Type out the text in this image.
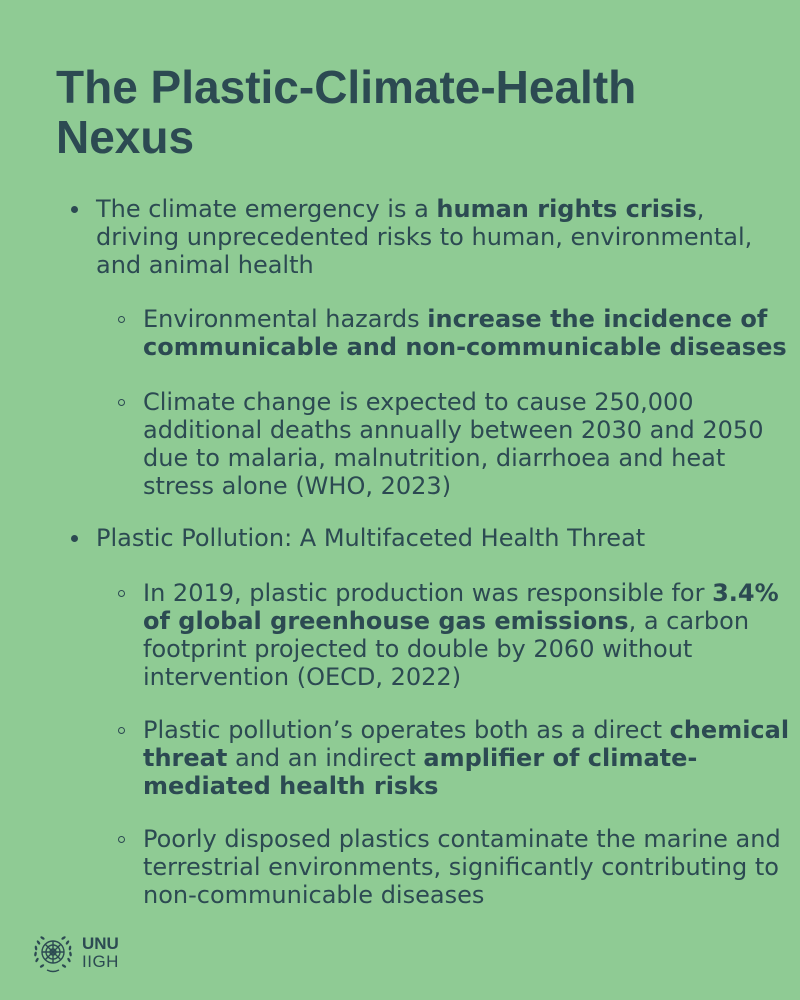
The Plastic-Climate-Health Nexus
The climate emergency is a human rights crisis, driving unprecedented risks to human, environmental, and animal health
Environmental hazards increase the incidence of communicable and non-communicable diseases
Climate change is expected to cause 250,000 additional deaths annually between 2030 and 2050 due to malaria, malnutrition, diarrhoea and heat stress alone (WHO, 2023)
Plastic Pollution: A Multifaceted Health Threat
In 2019, plastic production was responsible for 3.4% of global greenhouse gas emissions, a carbon footprint projected to double by 2060 without intervention (OECD, 2022)
Plastic pollution’s operates both as a direct chemical threat and an indirect amplifier of climate-mediated health risks
Poorly disposed plastics contaminate the marine and terrestrial environments, significantly contributing to non-communicable diseases
UNU
IIGH
